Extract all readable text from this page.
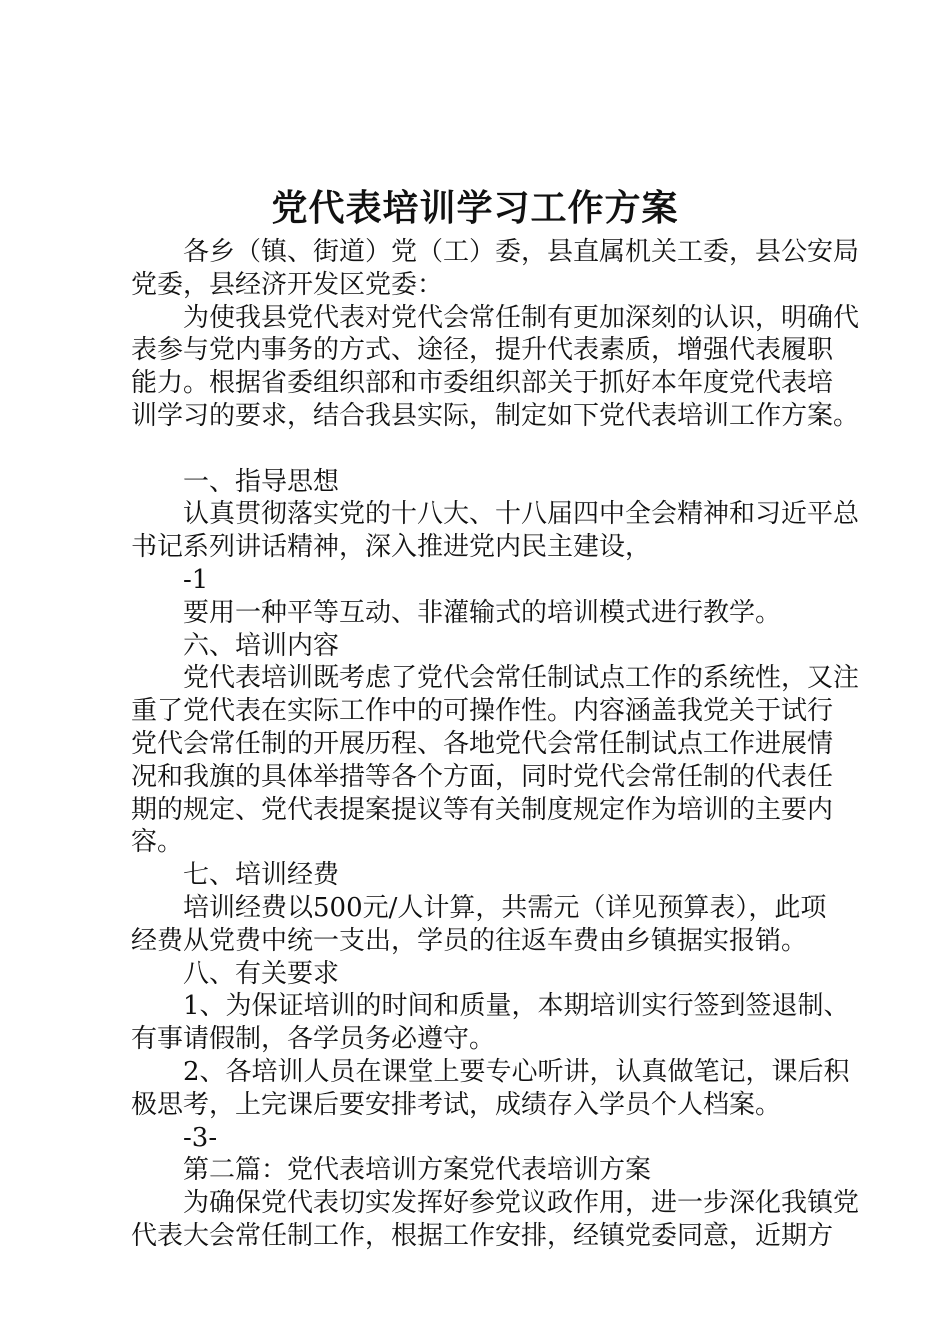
党代表培训学习工作方案
各乡（镇、街道）党（工）委，县直属机关工委，县公安局
党委，县经济开发区党委：
为使我县党代表对党代会常任制有更加深刻的认识，明确代
表参与党内事务的方式、途径，提升代表素质，增强代表履职
能力。根据省委组织部和市委组织部关于抓好本年度党代表培
训学习的要求，结合我县实际，制定如下党代表培训工作方案。
一、指导思想
认真贯彻落实党的十八大、十八届四中全会精神和习近平总
书记系列讲话精神，深入推进党内民主建设，
-1
要用一种平等互动、非灌输式的培训模式进行教学。
六、培训内容
党代表培训既考虑了党代会常任制试点工作的系统性，又注
重了党代表在实际工作中的可操作性。内容涵盖我党关于试行
党代会常任制的开展历程、各地党代会常任制试点工作进展情
况和我旗的具体举措等各个方面，同时党代会常任制的代表任
期的规定、党代表提案提议等有关制度规定作为培训的主要内
容。
七、培训经费
培训经费以500元/人计算，共需元（详见预算表），此项
经费从党费中统一支出，学员的往返车费由乡镇据实报销。
八、有关要求
1、为保证培训的时间和质量，本期培训实行签到签退制、
有事请假制，各学员务必遵守。
2、各培训人员在课堂上要专心听讲，认真做笔记，课后积
极思考，上完课后要安排考试，成绩存入学员个人档案。
-3-
第二篇：党代表培训方案党代表培训方案
为确保党代表切实发挥好参党议政作用，进一步深化我镇党
代表大会常任制工作，根据工作安排，经镇党委同意，近期方
